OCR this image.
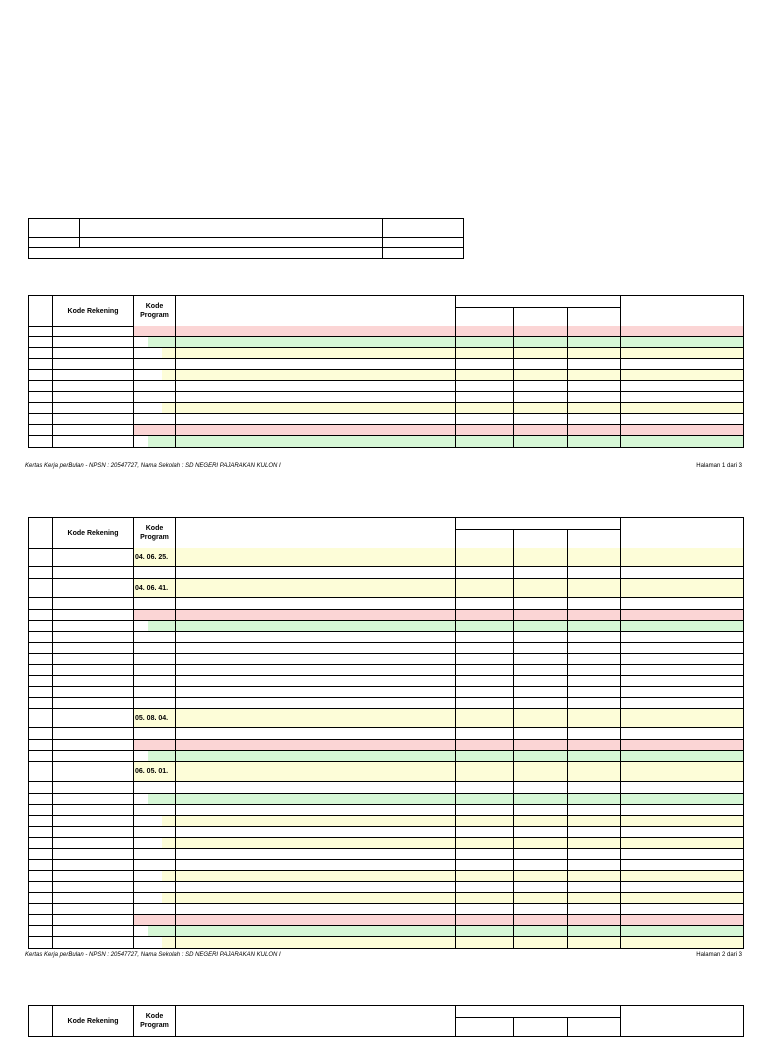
Kode Rekening
Kode Program
Kertas Kerja perBulan - NPSN : 20547727, Nama Sekolah : SD NEGERI PAJARAKAN KULON I	Halaman 1 dari 3
Kode Rekening
Kode Program
04. 06. 25.
04. 06. 41.
05. 08. 04.
06. 05. 01.
Kertas Kerja perBulan - NPSN : 20547727, Nama Sekolah : SD NEGERI PAJARAKAN KULON I	Halaman 2 dari 3
Kode Rekening
Kode Program
